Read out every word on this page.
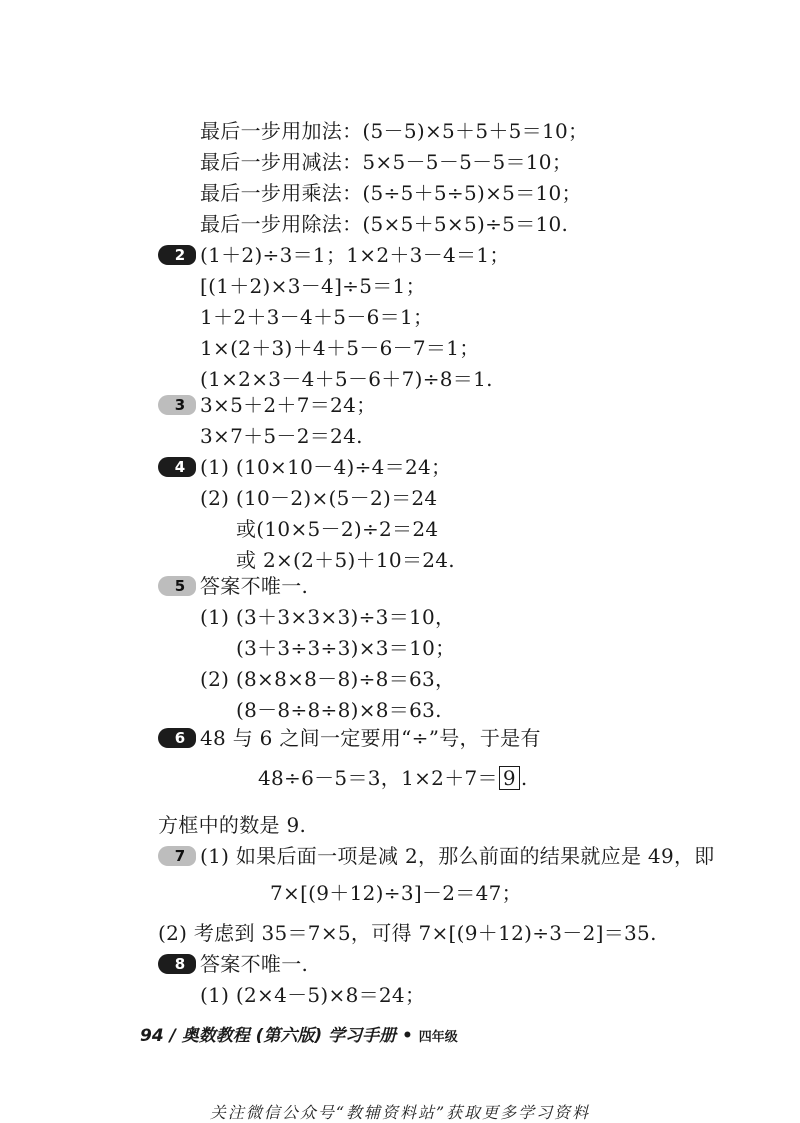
最后一步用加法：(5－5)×5＋5＋5＝10；
最后一步用减法：5×5－5－5－5＝10；
最后一步用乘法：(5÷5＋5÷5)×5＝10；
最后一步用除法：(5×5＋5×5)÷5＝10.
2 (1＋2)÷3＝1；1×2＋3－4＝1；
[(1＋2)×3－4]÷5＝1；
1＋2＋3－4＋5－6＝1；
1×(2＋3)＋4＋5－6－7＝1；
(1×2×3－4＋5－6＋7)÷8＝1.
3 3×5＋2＋7＝24；
3×7＋5－2＝24.
4 (1) (10×10－4)÷4＝24；
(2) (10－2)×(5－2)＝24
或(10×5－2)÷2＝24
或 2×(2＋5)＋10＝24.
5 答案不唯一.
(1) (3＋3×3×3)÷3＝10，
(3＋3÷3÷3)×3＝10；
(2) (8×8×8－8)÷8＝63，
(8－8÷8÷8)×8＝63.
6 48 与 6 之间一定要用“÷”号，于是有
48÷6－5＝3，1×2＋7＝ 9 .
方框中的数是 9.
7 (1) 如果后面一项是减 2，那么前面的结果就应是 49，即
7×[(9＋12)÷3]－2＝47；
(2) 考虑到 35＝7×5，可得 7×[(9＋12)÷3－2]＝35.
8 答案不唯一.
(1) (2×4－5)×8＝24；
94 / 奥数教程 (第六版) 学习手册 • 四年级
关注微信公众号“教辅资料站”获取更多学习资料
